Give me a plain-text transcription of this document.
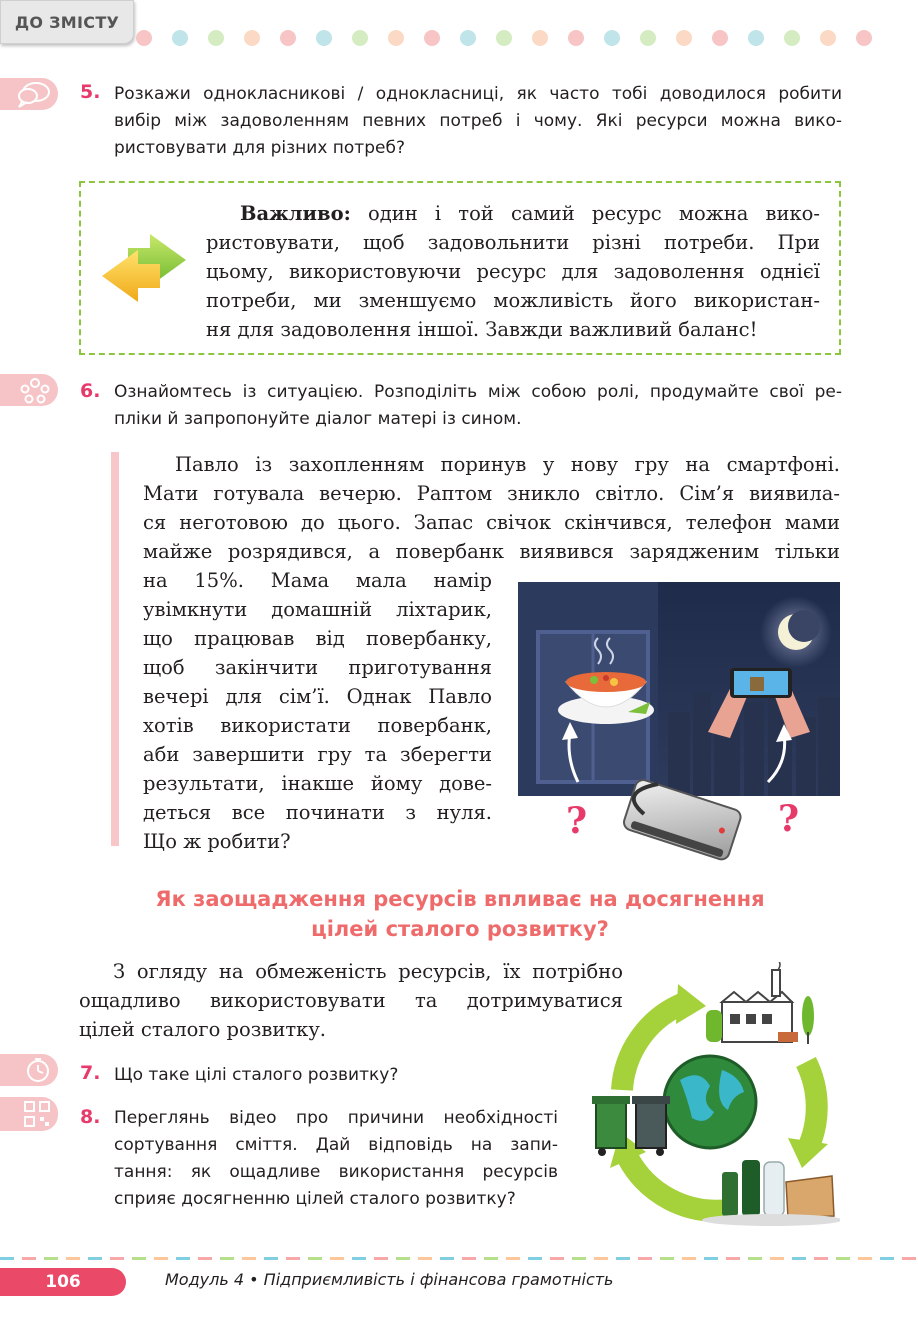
ДО ЗМІСТУ
5. Розкажи однокласникові / однокласниці, як часто тобі доводилося робити
вибір між задоволенням певних потреб і чому. Які ресурси можна вико-
ристовувати для різних потреб?
Важливо: один і той самий ресурс можна вико-
ристовувати, щоб задовольнити різні потреби. При
цьому, використовуючи ресурс для задоволення однієї
потреби, ми зменшуємо можливість його використан-
ня для задоволення іншої. Завжди важливий баланс!
6. Ознайомтесь із ситуацією. Розподіліть між собою ролі, продумайте свої ре-
пліки й запропонуйте діалог матері із сином.
Павло із захопленням поринув у нову гру на смартфоні.
Мати готувала вечерю. Раптом зникло світло. Сім’я виявила-
ся неготовою до цього. Запас свічок скінчився, телефон мами
майже розрядився, а повербанк виявився зарядженим тільки
на 15%. Мама мала намір
увімкнути домашній ліхтарик,
що працював від повербанку,
щоб закінчити приготування
вечері для сім’ї. Однак Павло
хотів використати повербанк,
аби завершити гру та зберегти
результати, інакше йому дове-
деться все починати з нуля.
Що ж робити?	?	?
Як заощадження ресурсів впливає на досягнення
цілей сталого розвитку?
З огляду на обмеженість ресурсів, їх потрібно
ощадливо використовувати та дотримуватися
цілей сталого розвитку.
7. Що таке цілі сталого розвитку?
8. Переглянь відео про причини необхідності
сортування сміття. Дай відповідь на запи-
тання: як ощадливе використання ресурсів
сприяє досягненню цілей сталого розвитку?
106	Модуль 4 • Підприємливість і фінансова грамотність
